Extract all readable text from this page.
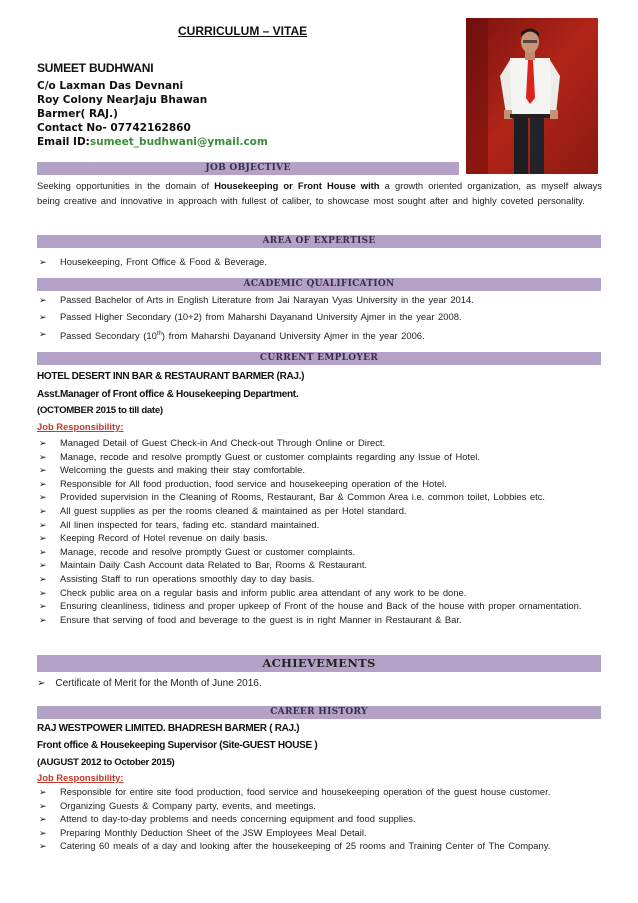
CURRICULUM – VITAE
SUMEET BUDHWANI
C/o Laxman Das Devnani
Roy Colony NearJaju Bhawan
Barmer( RAJ.)
Contact No- 07742162860
Email ID:sumeet_budhwani@ymail.com
JOB OBJECTIVE
Seeking opportunities in the domain of Housekeeping or Front House with a growth oriented organization, as myself always being creative and innovative in approach with fullest of caliber, to showcase most sought after and highly coveted personality.
AREA OF EXPERTISE
➢ Housekeeping, Front Office & Food & Beverage.
ACADEMIC QUALIFICATION
➢ Passed Bachelor of Arts in English Literature from Jai Narayan Vyas University in the year 2014.
➢ Passed Higher Secondary (10+2) from Maharshi Dayanand University Ajmer in the year 2008.
➢ Passed Secondary (10th) from Maharshi Dayanand University Ajmer in the year 2006.
CURRENT EMPLOYER
HOTEL DESERT INN BAR & RESTAURANT BARMER (RAJ.)
Asst.Manager of Front office & Housekeeping Department.
(OCTOMBER 2015 to till date)
Job Responsibility:
➢ Managed Detail of Guest Check-in And Check-out Through Online or Direct.
➢ Manage, recode and resolve promptly Guest or customer complaints regarding any Issue of Hotel.
➢ Welcoming the guests and making their stay comfortable.
➢ Responsible for All food production, food service and housekeeping operation of the Hotel.
➢ Provided supervision in the Cleaning of Rooms, Restaurant, Bar & Common Area i.e. common toilet, Lobbies etc.
➢ All guest supplies as per the rooms cleaned & maintained as per Hotel standard.
➢ All linen inspected for tears, fading etc. standard maintained.
➢ Keeping Record of Hotel revenue on daily basis.
➢ Manage, recode and resolve promptly Guest or customer complaints.
➢ Maintain Daily Cash Account data Related to Bar, Rooms & Restaurant.
➢ Assisting Staff to run operations smoothly day to day basis.
➢ Check public area on a regular basis and inform public area attendant of any work to be done.
➢ Ensuring cleanliness, tidiness and proper upkeep of Front of the house and Back of the house with proper ornamentation.
➢ Ensure that serving of food and beverage to the guest is in right Manner in Restaurant & Bar.
ACHIEVEMENTS
➢ Certificate of Merit for the Month of June 2016.
CAREER HISTORY
RAJ WESTPOWER LIMITED. BHADRESH BARMER ( RAJ.)
Front office & Housekeeping Supervisor (Site-GUEST HOUSE )
(AUGUST 2012 to October 2015)
Job Responsibility:
➢ Responsible for entire site food production, food service and housekeeping operation of the guest house customer.
➢ Organizing Guests & Company party, events, and meetings.
➢ Attend to day-to-day problems and needs concerning equipment and food supplies.
➢ Preparing Monthly Deduction Sheet of the JSW Employees Meal Detail.
➢ Catering 60 meals of a day and looking after the housekeeping of 25 rooms and Training Center of The Company.
